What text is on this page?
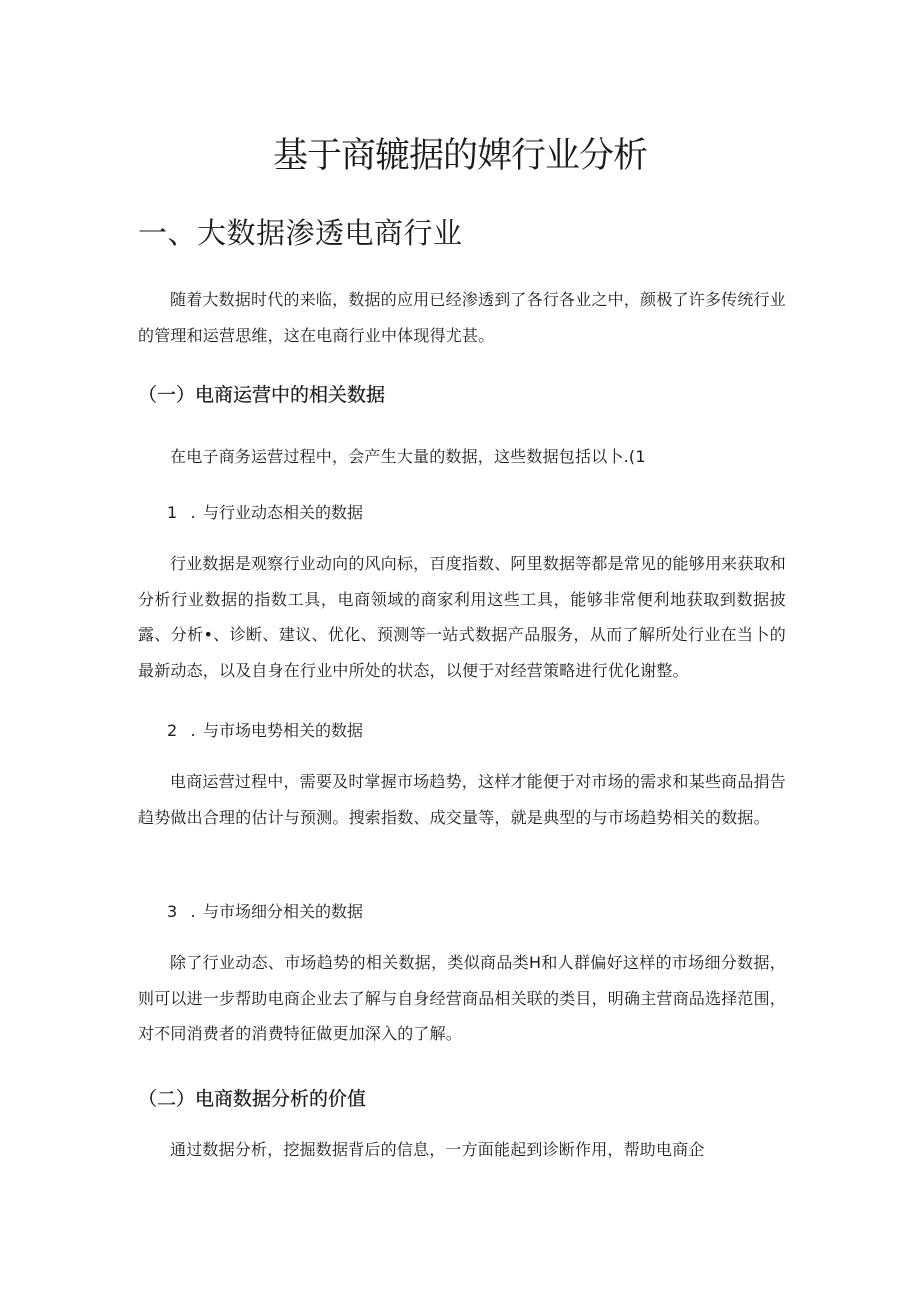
基于商辘据的婢行业分析
一、大数据渗透电商行业

随着大数据时代的来临，数据的应用已经渗透到了各行各业之中，颜极了许多传统行业的管理和运营思维，这在电商行业中体现得尤甚。

（一）电商运营中的相关数据

在电子商务运营过程中，会产生大量的数据，这些数据包括以卜.(1

1 . 与行业动态相关的数据

行业数据是观察行业动向的风向标，百度指数、阿里数据等都是常见的能够用来获取和分析行业数据的指数工具，电商领域的商家利用这些工具，能够非常便利地获取到数据披露、分析•、诊断、建议、优化、预测等一站式数据产品服务，从而了解所处行业在当卜的最新动态，以及自身在行业中所处的状态，以便于对经营策略进行优化谢整。

2 . 与市场电势相关的数据

电商运营过程中，需要及时掌握市场趋势，这样才能便于对市场的需求和某些商品捐告趋势做出合理的估计与预测。搜索指数、成交量等，就是典型的与市场趋势相关的数据。

3 . 与市场细分相关的数据

除了行业动态、市场趋势的相关数据，类似商品类H和人群偏好这样的市场细分数据，则可以进一步帮助电商企业去了解与自身经营商品相关联的类目，明确主营商品选择范围，对不同消费者的消费特征做更加深入的了解。

（二）电商数据分析的价值

通过数据分析，挖掘数据背后的信息，一方面能起到诊断作用，帮助电商企
